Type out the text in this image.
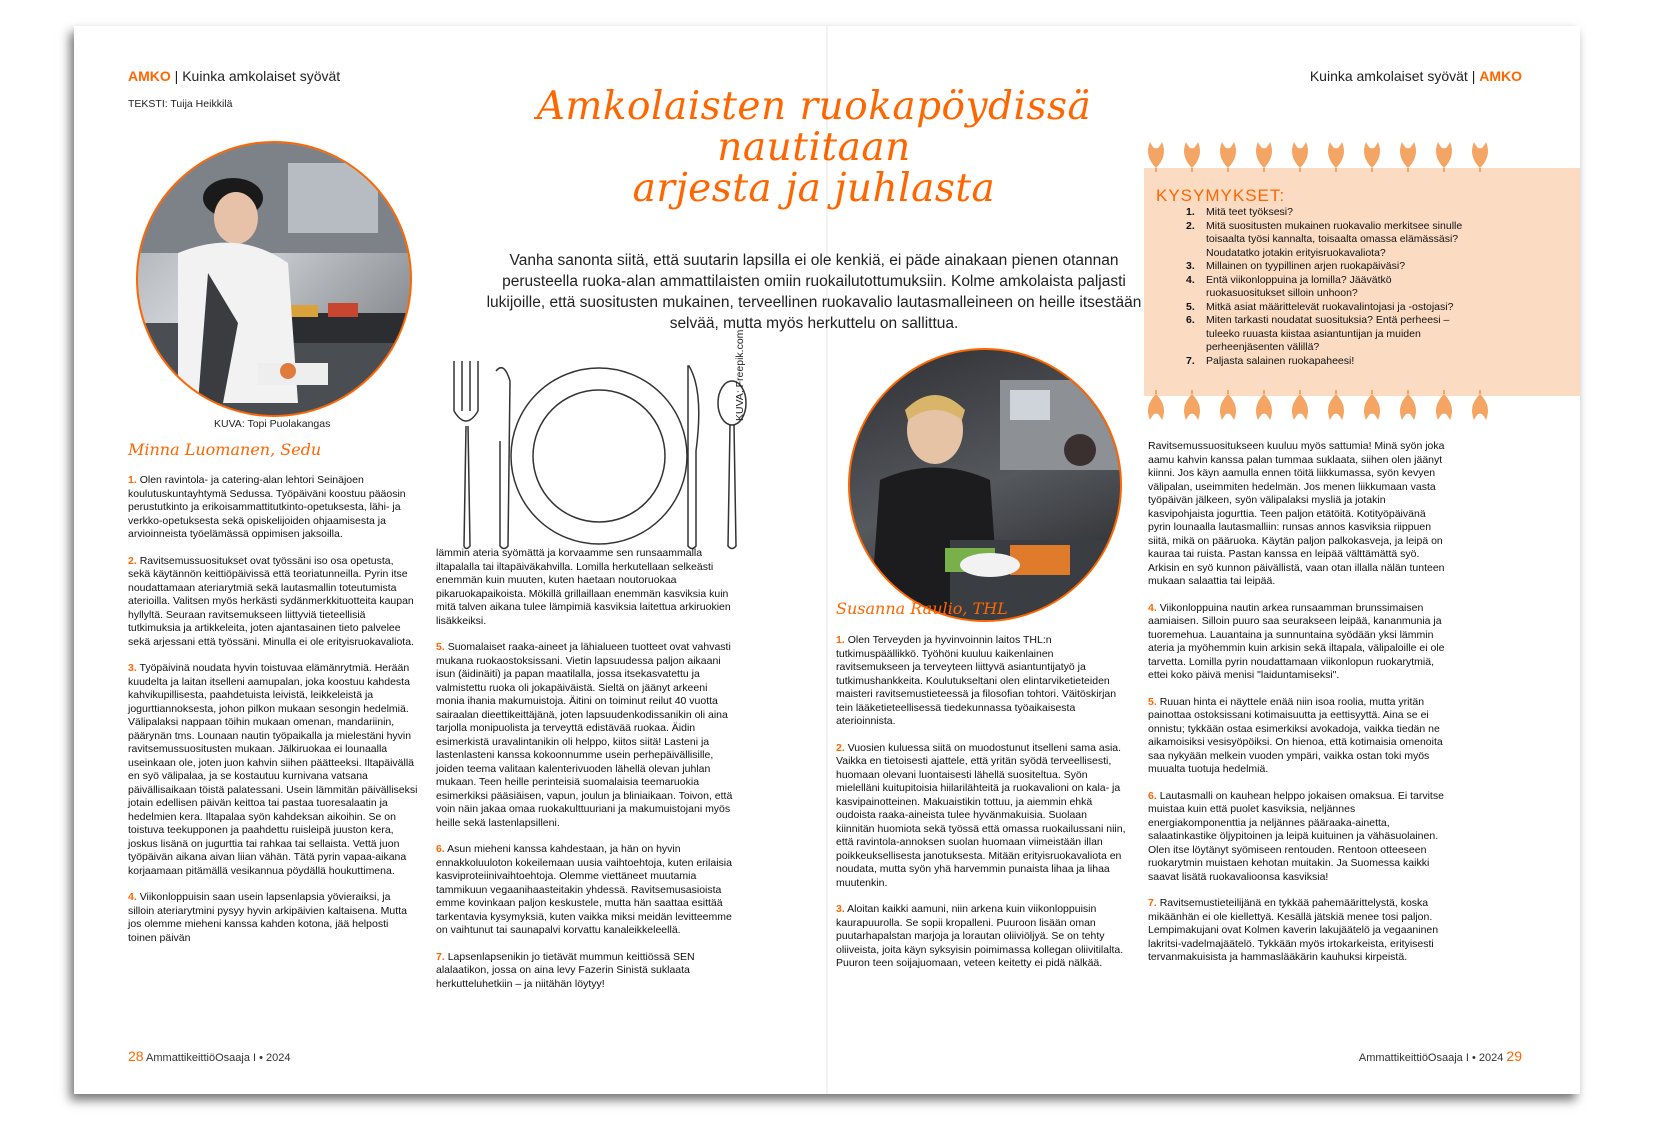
AMKO | Kuinka amkolaiset syövät
TEKSTI: Tuija Heikkilä
Kuinka amkolaiset syövät | AMKO
Amkolaisten ruokapöydissä
nautitaan
arjesta ja juhlasta
Vanha sanonta siitä, että suutarin lapsilla ei ole kenkiä, ei päde ainakaan pienen otannan perusteella ruoka-alan ammattilaisten omiin ruokailutottumuksiin. Kolme amkolaista paljasti lukijoille, että suositusten mukainen, terveellinen ruokavalio lautasmalleineen on heille itsestään selvää, mutta myös herkuttelu on sallittua.
KUVA: Topi Puolakangas
Minna Luomanen, Sedu

1. Olen ravintola- ja catering-alan lehtori Seinäjoen koulutuskuntayhtymä Sedussa. Työpäiväni koostuu pääosin perustutkinto ja erikoisammattitutkinto-opetuksesta, lähi- ja verkko-opetuksesta sekä opiskelijoiden ohjaamisesta ja arvioinneista työelämässä oppimisen jaksoilla.

2. Ravitsemussuositukset ovat työssäni iso osa opetusta, sekä käytännön keittiöpäivissä että teoriatunneilla. Pyrin itse noudattamaan ateriarytmiä sekä lautasmallin toteutumista aterioilla. Valitsen myös herkästi sydänmerkkituotteita kaupan hyllyltä. Seuraan ravitsemukseen liittyviä tieteellisiä tutkimuksia ja artikkeleita, joten ajantasainen tieto palvelee sekä arjessani että työssäni. Minulla ei ole erityisruokavaliota.

3. Työpäivinä noudata hyvin toistuvaa elämänrytmiä. Herään kuudelta ja laitan itselleni aamupalan, joka koostuu kahdesta kahvikupillisesta, paahdetuista leivistä, leikkeleistä ja jogurttiannoksesta, johon pilkon mukaan sesongin hedelmiä. Välipalaksi nappaan töihin mukaan omenan, mandariinin, päärynän tms. Lounaan nautin työpaikalla ja mielestäni hyvin ravitsemussuositusten mukaan. Jälkiruokaa ei lounaalla useinkaan ole, joten juon kahvin siihen päätteeksi. Iltapäivällä en syö välipalaa, ja se kostautuu kurnivana vatsana päivällisaikaan töistä palatessani. Usein lämmitän päivälliseksi jotain edellisen päivän keittoa tai pastaa tuoresalaatin ja hedelmien kera. Iltapalaa syön kahdeksan aikoihin. Se on toistuva teekupponen ja paahdettu ruisleipä juuston kera, joskus lisänä on jugurttia tai rahkaa tai sellaista. Vettä juon työpäivän aikana aivan liian vähän. Tätä pyrin vapaa-aikana korjaamaan pitämällä vesikannua pöydällä houkuttimena.

4. Viikonloppuisin saan usein lapsenlapsia yövieraiksi, ja silloin ateriarytmini pysyy hyvin arkipäivien kaltaisena. Mutta jos olemme mieheni kanssa kahden kotona, jää helposti toinen päivän

KUVA: Freepik.com

lämmin ateria syömättä ja korvaamme sen runsaammalla iltapalalla tai iltapäiväkahvilla. Lomilla herkutellaan selkeästi enemmän kuin muuten, kuten haetaan noutoruokaa pikaruokapaikoista. Mökillä grillaillaan enemmän kasviksia kuin mitä talven aikana tulee lämpimiä kasviksia laitettua arkiruokien lisäkkeiksi.

5. Suomalaiset raaka-aineet ja lähialueen tuotteet ovat vahvasti mukana ruokaostoksissani. Vietin lapsuudessa paljon aikaani isun (äidinäiti) ja papan maatilalla, jossa itsekasvatettu ja valmistettu ruoka oli jokapäiväistä. Sieltä on jäänyt arkeeni monia ihania makumuistoja. Äitini on toiminut reilut 40 vuotta sairaalan dieettikeittäjänä, joten lapsuudenkodissanikin oli aina tarjolla monipuolista ja terveyttä edistävää ruokaa. Äidin esimerkistä uravalintanikin oli helppo, kiitos siitä! Lasteni ja lastenlasteni kanssa kokoonnumme usein perhepäivällisille, joiden teema valitaan kalenterivuoden lähellä olevan juhlan mukaan. Teen heille perinteisiä suomalaisia teemaruokia esimerkiksi pääsiäisen, vapun, joulun ja bliniaikaan. Toivon, että voin näin jakaa omaa ruokakulttuuriani ja makumuistojani myös heille sekä lastenlapsilleni.

6. Asun mieheni kanssa kahdestaan, ja hän on hyvin ennakkoluuloton kokeilemaan uusia vaihtoehtoja, kuten erilaisia kasviproteiinivaihtoehtoja. Olemme viettäneet muutamia tammikuun vegaanihaasteitakin yhdessä. Ravitsemusasioista emme kovinkaan paljon keskustele, mutta hän saattaa esittää tarkentavia kysymyksiä, kuten vaikka miksi meidän levitteemme on vaihtunut tai saunapalvi korvattu kanaleikkeleellä.

7. Lapsenlapsenikin jo tietävät mummun keittiössä SEN alalaatikon, jossa on aina levy Fazerin Sinistä suklaata herkutteluhetkiin – ja niitähän löytyy!

Susanna Raulio, THL

1. Olen Terveyden ja hyvinvoinnin laitos THL:n tutkimuspäällikkö. Työhöni kuuluu kaikenlainen ravitsemukseen ja terveyteen liittyvä asiantuntijatyö ja tutkimushankkeita. Koulutukseltani olen elintarviketieteiden maisteri ravitsemustieteessä ja filosofian tohtori. Väitöskirjan tein lääketieteellisessä tiedekunnassa työaikaisesta aterioinnista.

2. Vuosien kuluessa siitä on muodostunut itselleni sama asia. Vaikka en tietoisesti ajattele, että yritän syödä terveellisesti, huomaan olevani luontaisesti lähellä suositeltua. Syön mielelläni kuitupitoisia hiilarilähteitä ja ruokavalioni on kala- ja kasvipainotteinen. Makuaistikin tottuu, ja aiemmin ehkä oudoista raaka-aineista tulee hyvänmakuisia. Suolaan kiinnitän huomiota sekä työssä että omassa ruokailussani niin, että ravintola-annoksen suolan huomaan viimeistään illan poikkeuksellisesta janotuksesta. Mitään erityisruokavaliota en noudata, mutta syön yhä harvemmin punaista lihaa ja lihaa muutenkin.

3. Aloitan kaikki aamuni, niin arkena kuin viikonloppuisin kaurapuurolla. Se sopii kropalleni. Puuroon lisään oman puutarhapalstan marjoja ja lorautan oliiviöljyä. Se on tehty oliiveista, joita käyn syksyisin poimimassa kollegan oliivitilalta. Puuron teen soijajuomaan, veteen keitetty ei pidä nälkää.

KYSYMYKSET:
1. Mitä teet työksesi?
2. Mitä suositusten mukainen ruokavalio merkitsee sinulle toisaalta työsi kannalta, toisaalta omassa elämässäsi? Noudatatko jotakin erityisruokavaliota?
3. Millainen on tyypillinen arjen ruokapäiväsi?
4. Entä viikonloppuina ja lomilla? Jäävätkö ruokasuositukset silloin unhoon?
5. Mitkä asiat määrittelevät ruokavalintojasi ja -ostojasi?
6. Miten tarkasti noudatat suosituksia? Entä perheesi – tuleeko ruuasta kiistaa asiantuntijan ja muiden perheenjäsenten välillä?
7. Paljasta salainen ruokapaheesi!

Ravitsemussuositukseen kuuluu myös sattumia! Minä syön joka aamu kahvin kanssa palan tummaa suklaata, siihen olen jäänyt kiinni. Jos käyn aamulla ennen töitä liikkumassa, syön kevyen välipalan, useimmiten hedelmän. Jos menen liikkumaan vasta työpäivän jälkeen, syön välipalaksi mysliä ja jotakin kasvipohjaista jogurttia. Teen paljon etätöitä. Kotityöpäivänä pyrin lounaalla lautasmalliin: runsas annos kasviksia riippuen siitä, mikä on pääruoka. Käytän paljon palkokasveja, ja leipä on kauraa tai ruista. Pastan kanssa en leipää välttämättä syö. Arkisin en syö kunnon päivällistä, vaan otan illalla nälän tunteen mukaan salaattia tai leipää.

4. Viikonloppuina nautin arkea runsaamman brunssimaisen aamiaisen. Silloin puuro saa seurakseen leipää, kananmunia ja tuoremehua. Lauantaina ja sunnuntaina syödään yksi lämmin ateria ja myöhemmin kuin arkisin sekä iltapala, välipaloille ei ole tarvetta. Lomilla pyrin noudattamaan viikonlopun ruokarytmiä, ettei koko päivä menisi "laiduntamiseksi".

5. Ruuan hinta ei näyttele enää niin isoa roolia, mutta yritän painottaa ostoksissani kotimaisuutta ja eettisyyttä. Aina se ei onnistu; tykkään ostaa esimerkiksi avokadoja, vaikka tiedän ne aikamoisiksi vesisyöpöiksi. On hienoa, että kotimaisia omenoita saa nykyään melkein vuoden ympäri, vaikka ostan toki myös muualta tuotuja hedelmiä.

6. Lautasmalli on kauhean helppo jokaisen omaksua. Ei tarvitse muistaa kuin että puolet kasviksia, neljännes energiakomponenttia ja neljännes pääraaka-ainetta, salaatinkastike öljypitoinen ja leipä kuituinen ja vähäsuolainen. Olen itse löytänyt syömiseen rentouden. Rentoon otteeseen ruokarytmin muistaen kehotan muitakin. Ja Suomessa kaikki saavat lisätä ruokavalioonsa kasviksia!

7. Ravitsemustieteilijänä en tykkää pahemäärittelystä, koska mikäänhän ei ole kiellettyä. Kesällä jätskiä menee tosi paljon. Lempimakujani ovat Kolmen kaverin lakujäätelö ja vegaaninen lakritsi-vadelmajäätelö. Tykkään myös irtokarkeista, erityisesti tervanmakuisista ja hammaslääkärin kauhuksi kirpeistä.

28 AmmattikeittiöOsaaja I • 2024	AmmattikeittiöOsaaja I • 2024 29
